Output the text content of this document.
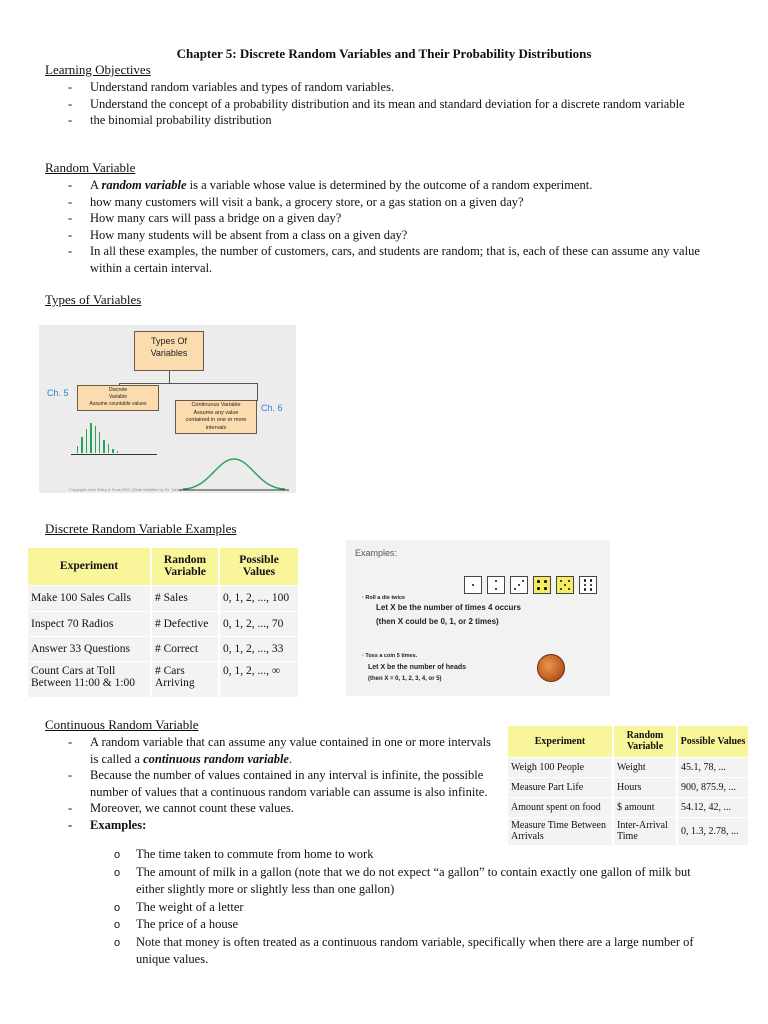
Chapter 5: Discrete Random Variables and Their Probability Distributions
Learning Objectives
- Understand random variables and types of random variables.
- Understand the concept of a probability distribution and its mean and standard deviation for a discrete random variable
- the binomial probability distribution
Random Variable
- A random variable is a variable whose value is determined by the outcome of a random experiment.
- how many customers will visit a bank, a grocery store, or a gas station on a given day?
- How many cars will pass a bridge on a given day?
- How many students will be absent from a class on a given day?
- In all these examples, the number of customers, cars, and students are random; that is, each of these can assume any value within a certain interval.
Types of Variables
Types Of Variables
Discrete
Variable
Assume countable values	Continuous Variable
Assume any value
contained in one or more
intervals
Ch. 5
Ch. 6
Copyright John Wiley & Sons 2007 (Slide Modified by Dr. Tahir)
Discrete Random Variable Examples
Experiment	Random Variable	Possible Values
Make 100 Sales Calls	# Sales	0, 1, 2, ..., 100
Inspect 70 Radios	# Defective	0, 1, 2, ..., 70
Answer 33 Questions	# Correct	0, 1, 2, ..., 33
Count Cars at Toll Between 11:00 & 1:00	# Cars Arriving	0, 1, 2, ..., ∞
Examples:
· Roll a die twice
Let X be the number of times 4 occurs
(then X could be 0, 1, or 2 times)
· Toss a coin 5 times.
Let X be the number of heads
(then X = 0, 1, 2, 3, 4, or 5)
Continuous Random Variable
- A random variable that can assume any value contained in one or more intervals is called a continuous random variable.
- Because the number of values contained in any interval is infinite, the possible number of values that a continuous random variable can assume is also infinite.
- Moreover, we cannot count these values.
- Examples:
o The time taken to commute from home to work
o The amount of milk in a gallon (note that we do not expect “a gallon” to contain exactly one gallon of milk but either slightly more or slightly less than one gallon)
o The weight of a letter
o The price of a house
o Note that money is often treated as a continuous random variable, specifically when there are a large number of unique values.
Experiment	Random Variable	Possible Values
Weigh 100 People	Weight	45.1, 78, ...
Measure Part Life	Hours	900, 875.9, ...
Amount spent on food	$ amount	54.12, 42, ...
Measure Time Between Arrivals	Inter-Arrival Time	0, 1.3, 2.78, ...
